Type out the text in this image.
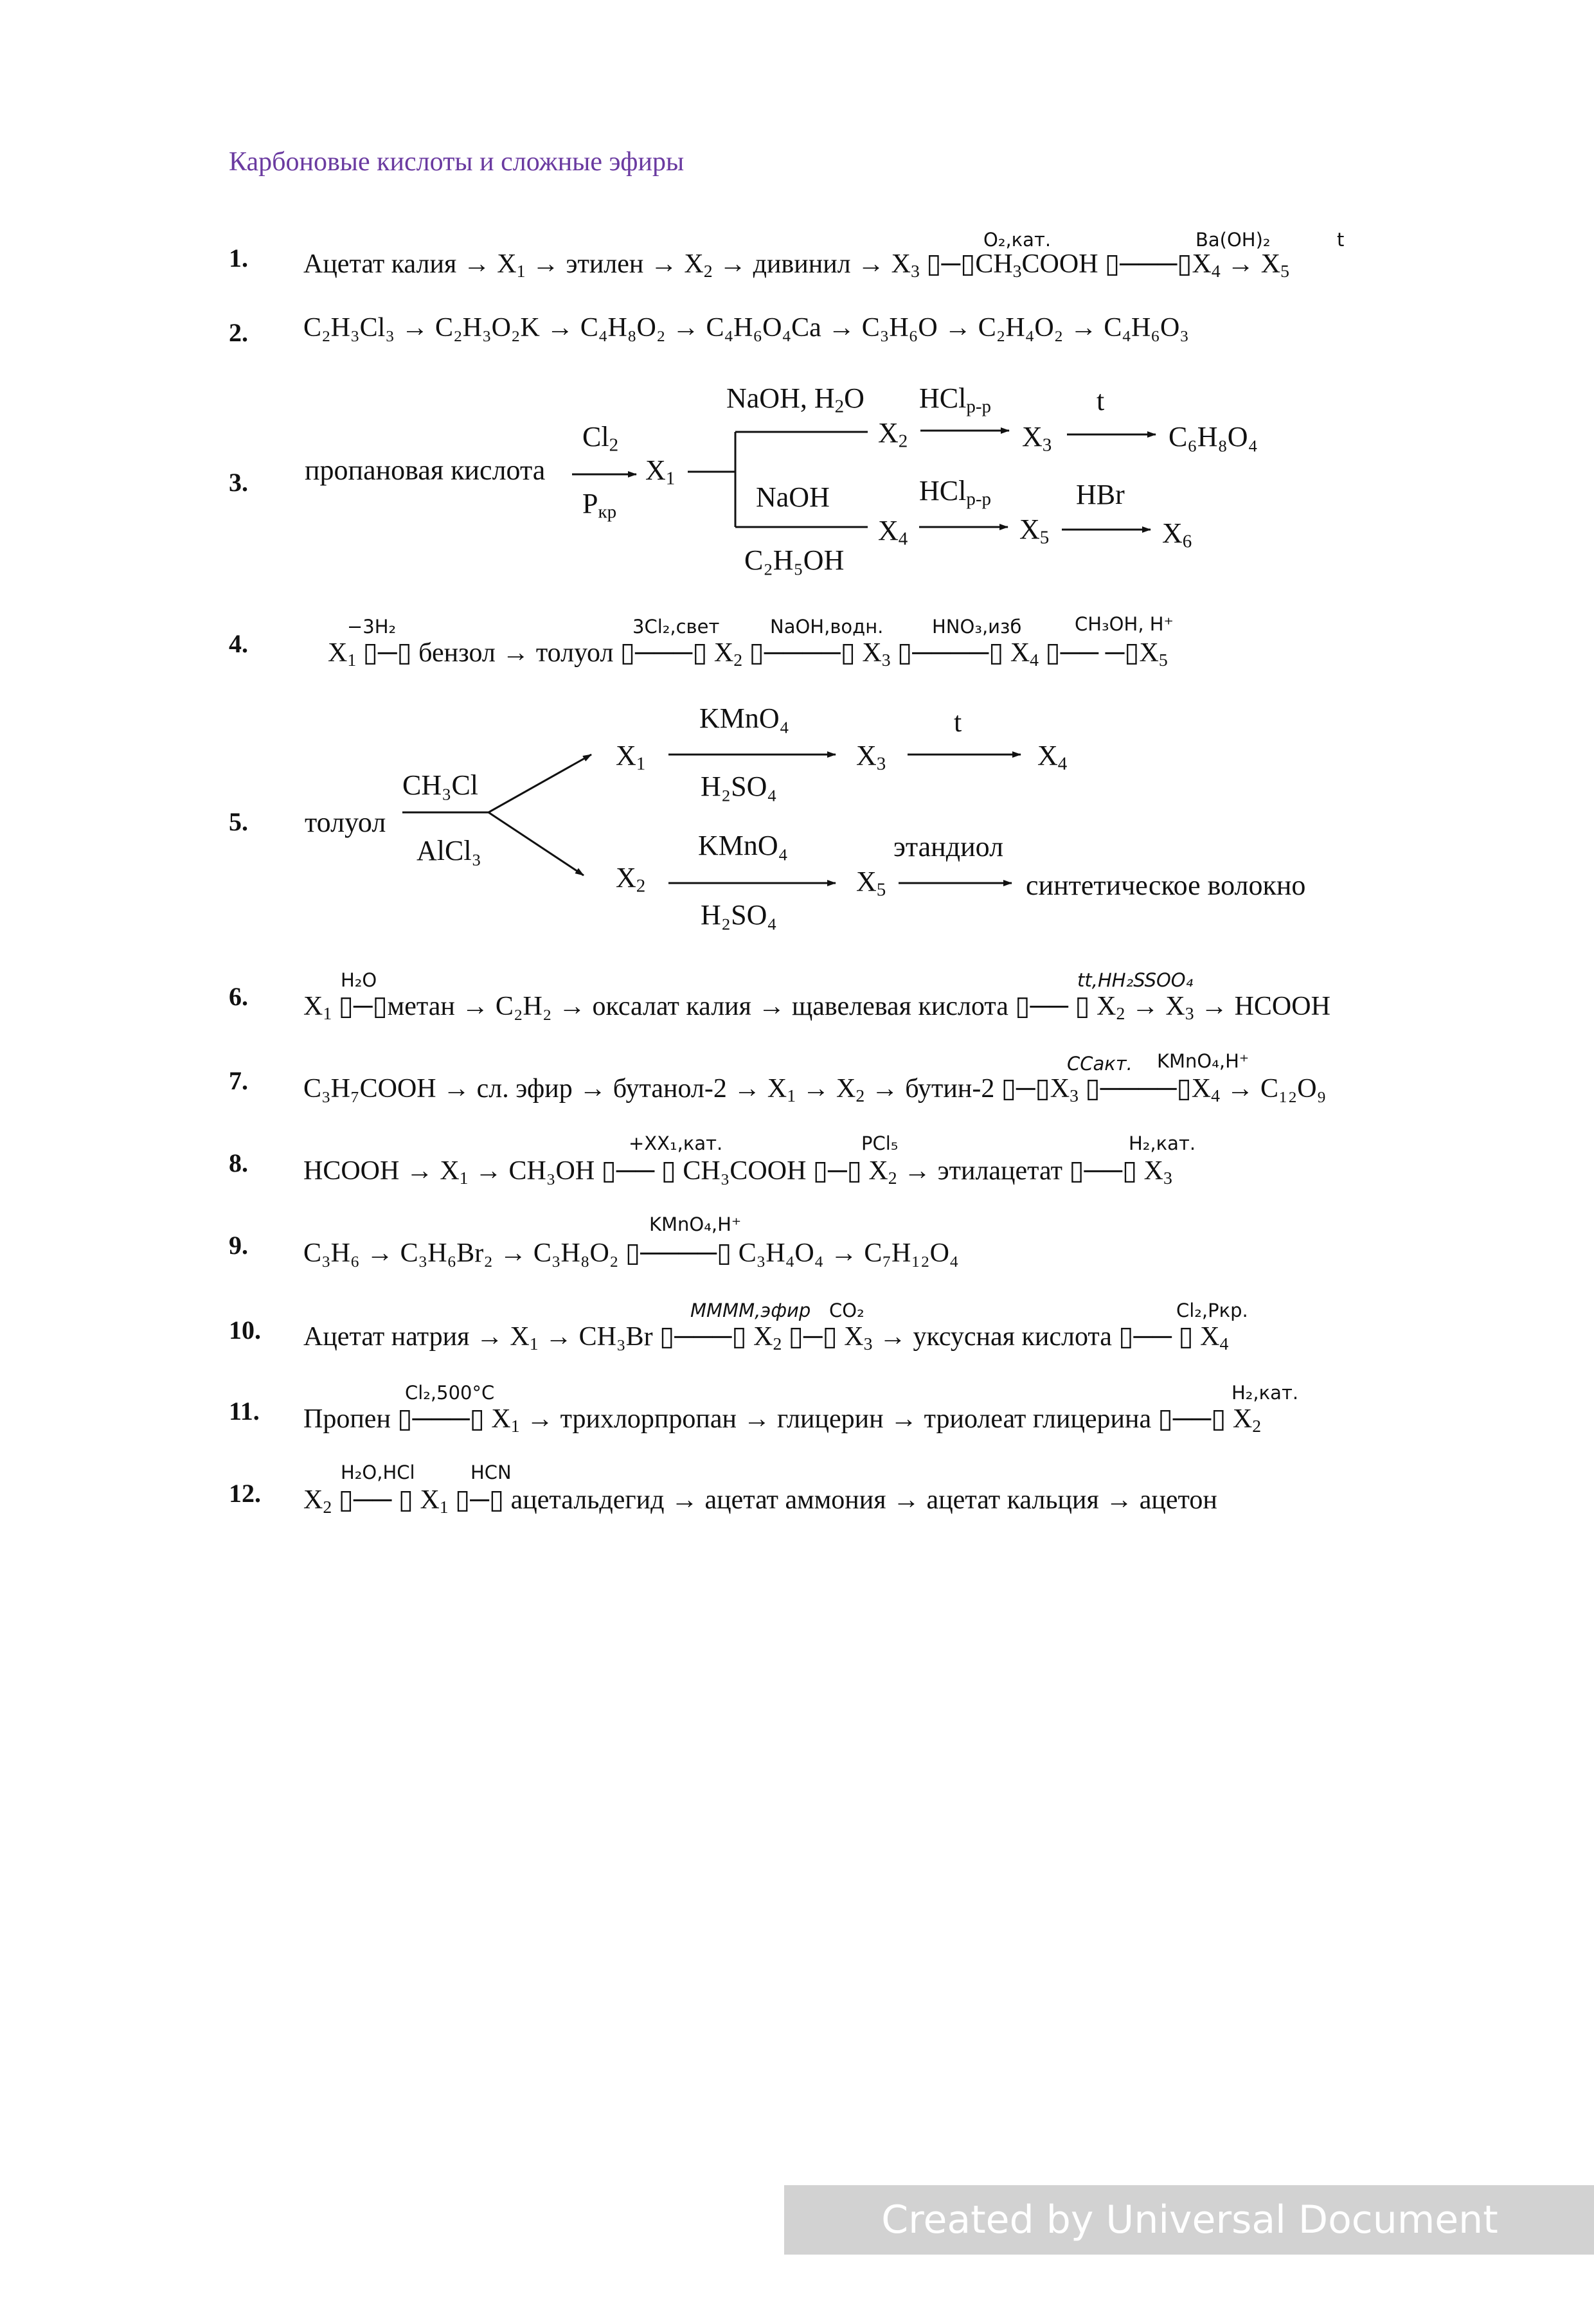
Карбоновые кислоты и сложные эфиры
1.
2.
3.
4.
5.
6.
7.
8.
9.
10.
11.
12.
O₂,кат.	Ba(OH)₂	t
Ацетат калия → $X_1$ → этилен → $X_2$ → дивинил → $X_3$ $▯─▯CH_3COOH$ $▯───▯X_4 \to X_5$
C₂H₃Cl₃ → C₂H₃O₂K → C₄H₈O₂ → C₄H₆O₄Ca → C₃H₆O → C₂H₄O₂ → C₄H₆O₃
пропановая кислота
$Cl_2$
$P_{кр}$
$X_1$
NaOH, $H_2O$
NaOH
C₂H₅OH
$X_2$
$X_4$
HCl$_{р-р}$
HCl$_{р-р}$
$X_3$
$X_5$
t
HBr
C₆H₈O₄
$X_6$
−3H₂	3Cl₂,свет	NaOH,водн.	HNO₃,изб	CH₃OH, H⁺
$X_1$ ▯─▯ бензол → толуол ▯───▯ $X_2$ ▯────▯ $X_3$ ▯────▯ $X_4$ ▯── $─▯X_5$
толуол
CH₃Cl
AlCl₃
$X_1$
$X_2$
KMnO₄
H₂SO₄
KMnO₄
H₂SO₄
$X_3$
$X_5$
t
этандиол
$X_4$
синтетическое волокно
H₂O	tt,HH₂SSOO₄
$X_1$ ▯─▯метан → C₂H₂ → оксалат калия → щавелевая кислота ▯── ▯ $X_2 \to X_3$ → HCOOH
CCакт. KMnO₄,H⁺
C₃H₇COOH → сл. эфир → бутанол-2 → $X_1 \to X_2$ → бутин-2 $▯─▯X_3$ $▯────▯X_4 \to C_{12}O_9$
+XX₁,кат.	PCl₅	H₂,кат.
HCOOH → $X_1 \to CH_3OH$ ▯── ▯ CH₃COOH ▯─▯ $X_2$ → этилацетат ▯──▯ $X_3$
KMnO₄,H⁺
C₃H₆ → C₃H₆Br₂ → C₃H₈O₂ ▯────▯ C₃H₄O₄ → C₇H₁₂O₄
MMMM,эфир CO₂	Cl₂,Pкр.
Ацетат натрия → $X_1 \to CH_3Br$ ▯───▯ $X_2$ ▯─▯ $X_3$ → уксусная кислота ▯── ▯ $X_4$
Cl₂,500°C	H₂,кат.
Пропен ▯───▯ $X_1$ → трихлорпропан → глицерин → триолеат глицерина ▯──▯ $X_2$
H₂O,HCl	HCN
$X_2$ ▯── ▯ $X_1$ ▯─▯ ацетальдегид → ацетат аммония → ацетат кальция → ацетон
Created by Universal Document Converter
